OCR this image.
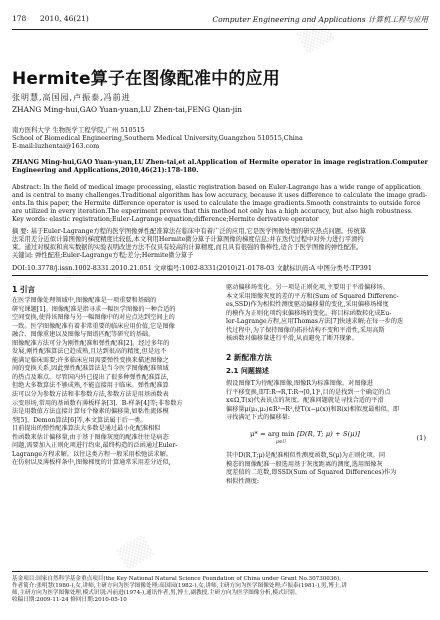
▒▒
▒▒
▒▒
▒▒
178 2010, 46(21)	Computer Engineering and Applications 计算机工程与应用
Hermite算子在图像配准中的应用
张明慧,高国园,卢振泰,冯前进
ZHANG Ming-hui,GAO Yuan-yuan,LU Zhen-tai,FENG Qian-jin
南方医科大学 生物医学工程学院,广州 510515
School of Biomedical Engineering,Southern Medical University,Guangzhou 510515,China
E-mail:luzhentai@163.com
ZHANG Ming-hui,GAO Yuan-yuan,LU Zhen-tai,et al.Application of Hermite operator in image registration.Computer
Engineering and Applications,2010,46(21):178-180.
Abstract: In the field of medical image processing, elastic registration based on Euler-Lagrange has a wide range of application
and is central to many challenges.Traditional algorithm has low accuracy, because it uses difference to calculate the image gradi-
ents.In this paper, the Hermite difference operator is used to calculate the image gradients.Smooth constraints to outside force
are utilized in every iteration.The experiment proves that this method not only has a high accuracy, but also high robustness.
Key words: elastic registration;Euler-Lagrange equation;difference;Hermite derivative operator
摘 要: 基于Euler-Lagrange方程的医学图像弹性配准算法在临床中有着广泛的应用,它是医学图像处理的研究热点问题。传统算
法采用差分近似计算图像的梯度精度比较低,本文利用Hermite微分算子计算图像的梯度信息;并在迭代过程中对外力进行平滑约
束。通过对模拟和真实数据的实验表明改进方法不仅具有较高的计算精度,而且具有很强的鲁棒性,适合于医学图像的弹性配准。
关键词: 弹性配准;Euler-Lagrange方程;差分;Hermite微分算子
DOI:10.3778/j.issn.1002-8331.2010.21.051 文章编号:1002-8331(2010)21-0178-03 文献标识码:A 中图分类号:TP391
1 引言
在医学图像处理领域中,图像配准是一项重要和基础的
研究课题[1]。图像配准是指寻求一幅医学图像的一种合适的
空间变换,使得该图像与另一幅图像中的对应点达到空间上的
一致。医学图像配准有着非常重要的临床应用价值,它是图像
融合、图像重建以及图像与图谱匹配等研究的基础。
图像配准方法可分为刚性配准和弹性配准[2]。经过多年的
发展,刚性配准算法已趋成熟,且达到很高的精度,但是远不
能满足临床需要;许多临床应用需要弹性变换来描述图像之
间的变换关系,因此弹性配准算法是当今医学图像配准领域
的热点及难点。尽管国内外已提出了很多种弹性配准算法,
但绝大多数算法不够成熟,不能直接用于临床。弹性配准算
法可以分为参数方法和非参数方法,参数方法是用基函数表
示变形场,常用的基函数有薄板样条[3]、B-样条[4]等;非参数方
法是用数值方法直接计算每个像素的偏移量,如粘性流体模
型[5]、Demon算法[6]等,本文算法属于后一类。
目前提出的弹性配准算法大多数是通过最小化配准相似
性函数来估计偏移量,由于基于图像灰度的配准往往是病态
问题,需要加入正则化项进行约束,最终构造的泛函通过Euler-
Lagrange方程求解。以往这类方程一般采用松弛法求解。
在仿射以及薄板样条中,图像梯度的计算通常采用差分近似,
驱动偏移场变化。另一项是正则化项,主要用于平滑偏移场。
本文采用图像灰度的差的平方和(Sum of Squared Differenc-
es,SSD)作为相似性测度驱动偏移量的变化,采用偏移场梯度
的模作为正则化项约束偏移场的变化。将目标函数转化成Eu-
ler-Lagrange方程,应用Thomas方法[7]快速求解;在每一步的迭
代过程中,为了保持图像的拓扑结构不变和平滑性,采用高斯
核函数对偏移量进行平滑,从而避免了断开现象。
2 新配准方法
2.1 问题描述
假设图像T为待配准图像,图像R为标准图像。对图像进
行平移变换,即T:R→R,T:R→[0,1]²,目的是找到一个确定的点
x∈Ω,T(x)代表该点的灰度。配准问题就是寻找合适的平滑
偏移量μ(μ₁,μ₂)∈R²→R²,使T(x−μ(x))和R(x)相似度最相似。即
寻找满足下式的偏移量:
μ* = arg min [D(R, T; μ) + S(μ)]
μ∈U
(1)
其中D(R,T;μ)是配准相似性测度函数,S(μ)为正则化项。同
模态的图像配准一般选用基于灰度距离的测度,选用图像灰
度差值的二范数,即SSD(Sum of Squared Differences)作为
相似性测度:
基金项目:国家自然科学基金重点项目(the Key National Natural Science Foundation of China under Grant No.30730036)。
作者简介:张明慧(1980-),女,讲师,主研方向为医学图像处理;高国园(1982-),女,讲师,主研方向为医学图像处理;卢振泰(1981-),男,博士,讲
师,主研方向为医学图像处理,模式识别;冯前进(1974-),通讯作者,男,博士,副教授,主研方向为医学图像分析,模式识别。
收稿日期:2009-11-24 修回日期:2010-05-10
